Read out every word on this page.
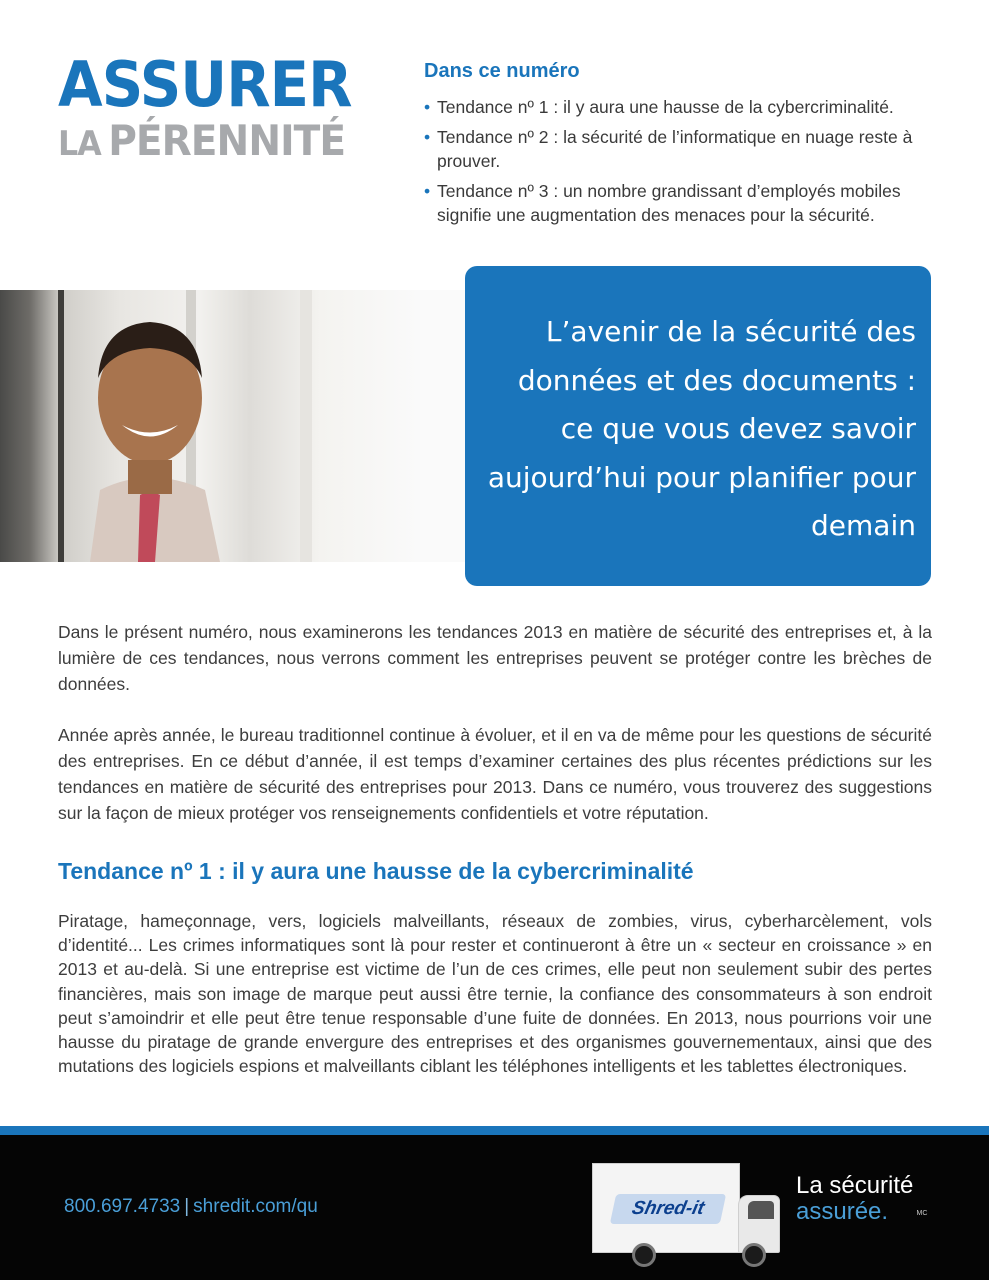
ASSURER
LA PÉRENNITÉ
Dans ce numéro
• Tendance nº 1 : il y aura une hausse de la cybercriminalité.
• Tendance nº 2 : la sécurité de l’informatique en nuage reste à prouver.
• Tendance nº 3 : un nombre grandissant d’employés mobiles signifie une augmentation des menaces pour la sécurité.
L’avenir de la sécurité des données et des documents : ce que vous devez savoir aujourd’hui pour planifier pour demain

Dans le présent numéro, nous examinerons les tendances 2013 en matière de sécurité des entreprises et, à la lumière de ces tendances, nous verrons comment les entreprises peuvent se protéger contre les brèches de données.

Année après année, le bureau traditionnel continue à évoluer, et il en va de même pour les questions de sécurité des entreprises. En ce début d’année, il est temps d’examiner certaines des plus récentes prédictions sur les tendances en matière de sécurité des entreprises pour 2013. Dans ce numéro, vous trouverez des suggestions sur la façon de mieux protéger vos renseignements confidentiels et votre réputation.

Tendance nº 1 : il y aura une hausse de la cybercriminalité

Piratage, hameçonnage, vers, logiciels malveillants, réseaux de zombies, virus, cyberharcèlement, vols d’identité... Les crimes informatiques sont là pour rester et continueront à être un « secteur en croissance » en 2013 et au-delà. Si une entreprise est victime de l’un de ces crimes, elle peut non seulement subir des pertes financières, mais son image de marque peut aussi être ternie, la confiance des consommateurs à son endroit peut s’amoindrir et elle peut être tenue responsable d’une fuite de données. En 2013, nous pourrions voir une hausse du piratage de grande envergure des entreprises et des organismes gouvernementaux, ainsi que des mutations des logiciels espions et malveillants ciblant les téléphones intelligents et les tablettes électroniques.

800.697.4733 | shredit.com/qu	Shred-it
La sécurité
assurée.	MC
